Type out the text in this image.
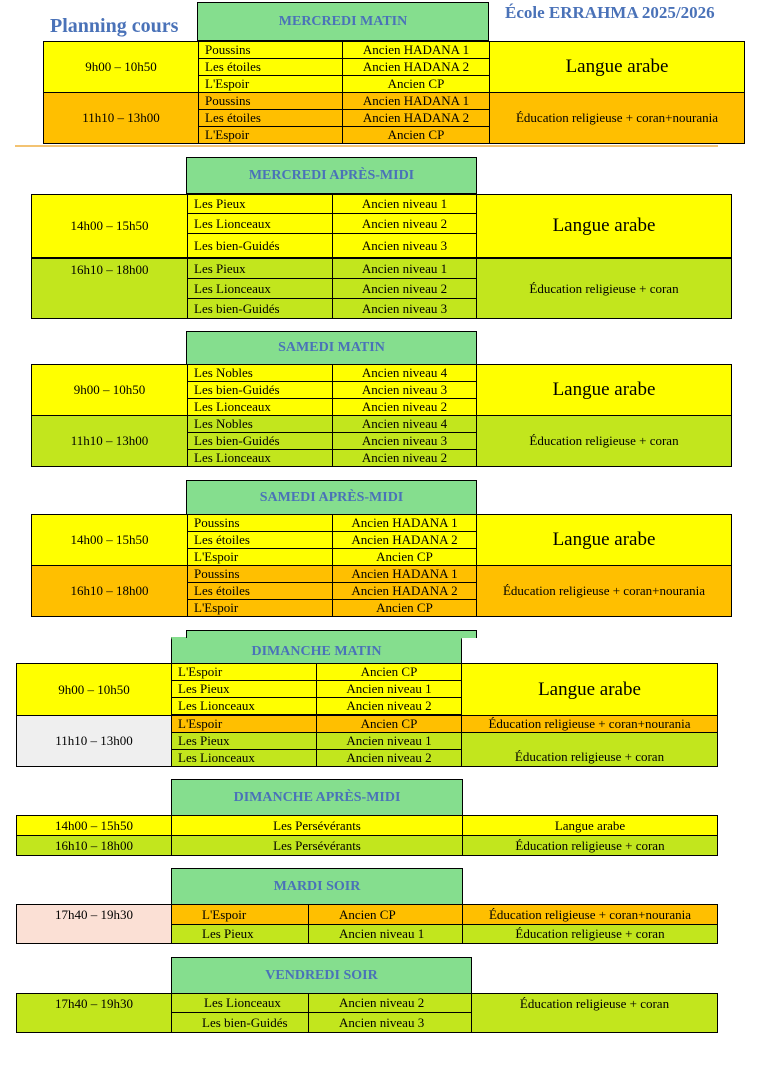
Planning cours
École ERRAHMA 2025/2026
MERCREDI MATIN
9h00 – 10h50
Poussins	Ancien HADANA 1
Les étoiles	Ancien HADANA 2
L'Espoir	Ancien CP
Langue arabe
11h10 – 13h00
Poussins	Ancien HADANA 1
Les étoiles	Ancien HADANA 2
L'Espoir	Ancien CP
Éducation religieuse + coran+nourania
MERCREDI APRÈS-MIDI
14h00 – 15h50
Les Pieux	Ancien niveau 1
Les Lionceaux	Ancien niveau 2
Les bien-Guidés	Ancien niveau 3
Langue arabe
16h10 – 18h00	Les Pieux	Ancien niveau 1
Les Lionceaux	Ancien niveau 2
Les bien-Guidés	Ancien niveau 3
Éducation religieuse + coran
SAMEDI MATIN
9h00 – 10h50
Les Nobles	Ancien niveau 4
Les bien-Guidés	Ancien niveau 3
Les Lionceaux	Ancien niveau 2
Langue arabe
11h10 – 13h00
Les Nobles	Ancien niveau 4
Les bien-Guidés	Ancien niveau 3
Les Lionceaux	Ancien niveau 2
Éducation religieuse + coran
SAMEDI APRÈS-MIDI
14h00 – 15h50
Poussins	Ancien HADANA 1
Les étoiles	Ancien HADANA 2
L'Espoir	Ancien CP
Langue arabe
16h10 – 18h00
Poussins	Ancien HADANA 1
Les étoiles	Ancien HADANA 2
L'Espoir	Ancien CP
Éducation religieuse + coran+nourania
DIMANCHE MATIN
9h00 – 10h50
L'Espoir	Ancien CP
Les Pieux	Ancien niveau 1
Les Lionceaux	Ancien niveau 2
Langue arabe
11h10 – 13h00
L'Espoir	Ancien CP	Éducation religieuse + coran+nourania
Les Pieux	Ancien niveau 1
Les Lionceaux	Ancien niveau 2	Éducation religieuse + coran
DIMANCHE APRÈS-MIDI
14h00 – 15h50	Les Persévérants	Langue arabe
16h10 – 18h00	Les Persévérants	Éducation religieuse + coran
MARDI SOIR
17h40 – 19h30	L'Espoir	Ancien CP	Éducation religieuse + coran+nourania
Les Pieux	Ancien niveau 1	Éducation religieuse + coran
VENDREDI SOIR
17h40 – 19h30	Les Lionceaux	Ancien niveau 2
Les bien-Guidés	Ancien niveau 3
Éducation religieuse + coran
